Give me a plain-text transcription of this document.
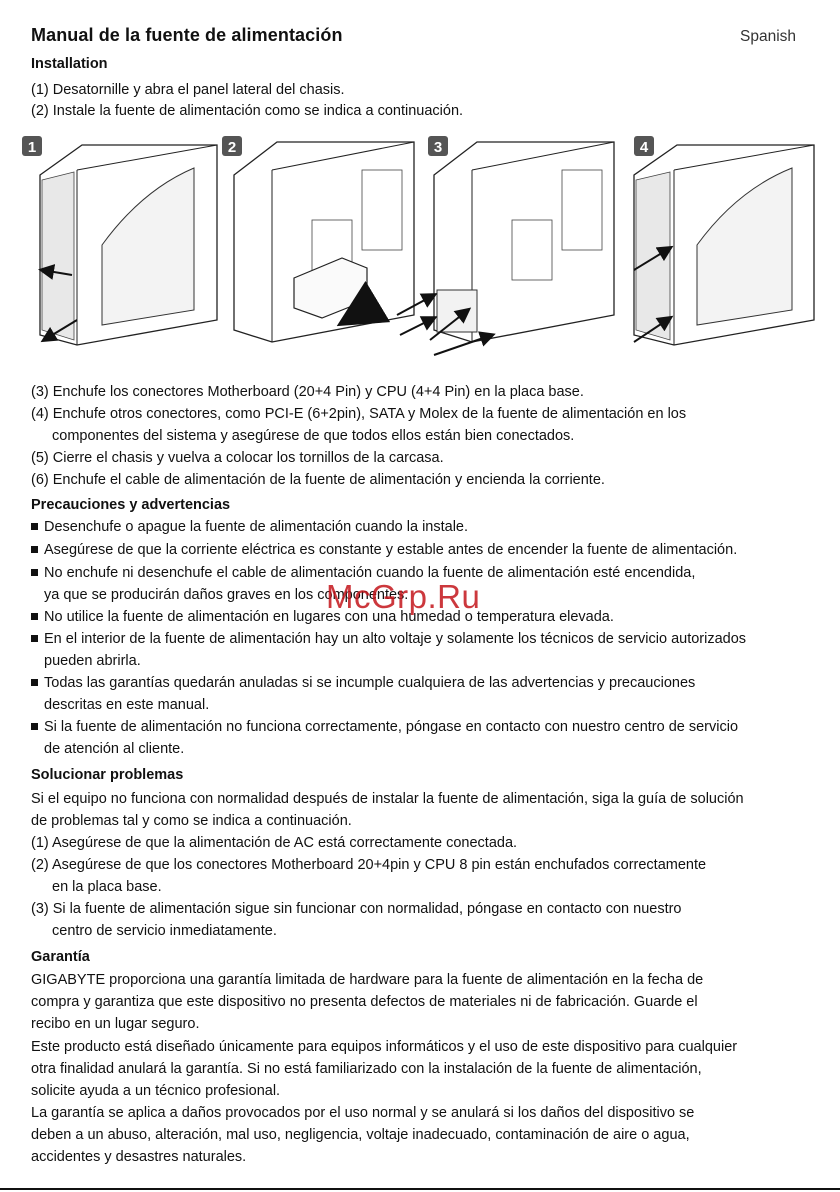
Manual de la fuente de alimentación	Spanish
Installation
(1) Desatornille y abra el panel lateral del chasis.
(2) Instale la fuente de alimentación como se indica a continuación.
1	2	3	4
(3) Enchufe los conectores Motherboard (20+4 Pin) y CPU (4+4 Pin) en la placa base.
(4) Enchufe otros conectores, como PCI-E (6+2pin), SATA y Molex de la fuente de alimentación en los
componentes del sistema y asegúrese de que todos ellos están bien conectados.
(5) Cierre el chasis y vuelva a colocar los tornillos de la carcasa.
(6) Enchufe el cable de alimentación de la fuente de alimentación y encienda la corriente.
Precauciones y advertencias
Desenchufe o apague la fuente de alimentación cuando la instale.
Asegúrese de que la corriente eléctrica es constante y estable antes de encender la fuente de alimentación.
No enchufe ni desenchufe el cable de alimentación cuando la fuente de alimentación esté encendida,
ya que se producirán daños graves en los componentes.
No utilice la fuente de alimentación en lugares con una humedad o temperatura elevada.
En el interior de la fuente de alimentación hay un alto voltaje y solamente los técnicos de servicio autorizados
pueden abrirla.
Todas las garantías quedarán anuladas si se incumple cualquiera de las advertencias y precauciones
descritas en este manual.
Si la fuente de alimentación no funciona correctamente, póngase en contacto con nuestro centro de servicio
de atención al cliente.
McGrp.Ru
Solucionar problemas
Si el equipo no funciona con normalidad después de instalar la fuente de alimentación, siga la guía de solución
de problemas tal y como se indica a continuación.
(1) Asegúrese de que la alimentación de AC está correctamente conectada.
(2) Asegúrese de que los conectores Motherboard 20+4pin y CPU 8 pin están enchufados correctamente
en la placa base.
(3) Si la fuente de alimentación sigue sin funcionar con normalidad, póngase en contacto con nuestro
centro de servicio inmediatamente.
Garantía
GIGABYTE proporciona una garantía limitada de hardware para la fuente de alimentación en la fecha de
compra y garantiza que este dispositivo no presenta defectos de materiales ni de fabricación. Guarde el
recibo en un lugar seguro.
Este producto está diseñado únicamente para equipos informáticos y el uso de este dispositivo para cualquier
otra finalidad anulará la garantía. Si no está familiarizado con la instalación de la fuente de alimentación,
solicite ayuda a un técnico profesional.
La garantía se aplica a daños provocados por el uso normal y se anulará si los daños del dispositivo se
deben a un abuso, alteración, mal uso, negligencia, voltaje inadecuado, contaminación de aire o agua,
accidentes y desastres naturales.
